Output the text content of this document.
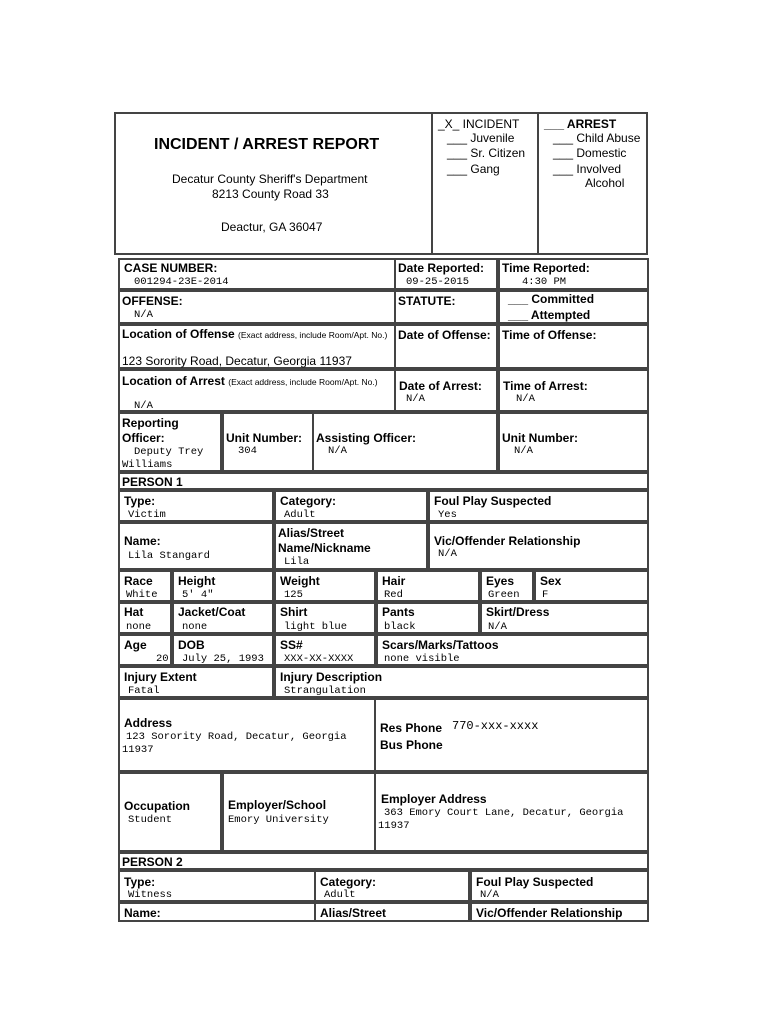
INCIDENT / ARREST REPORT
Decatur County Sheriff's Department
8213 County Road 33
Deactur, GA 36047
_X_ INCIDENT
___ Juvenile
___ Sr. Citizen
___ Gang
___ ARREST
___ Child Abuse
___ Domestic
___ Involved
Alcohol
CASE NUMBER:
001294-23E-2014
Date Reported:
09-25-2015
Time Reported:
4:30 PM
OFFENSE:
N/A
STATUTE:	___ Committed
___ Attempted
Location of Offense (Exact address, include Room/Apt. No.)
123 Sorority Road, Decatur, Georgia 11937
Date of Offense: Time of Offense:
Location of Arrest (Exact address, include Room/Apt. No.)
N/A
Date of Arrest:
N/A
Time of Arrest:
N/A
Reporting
Officer:
Deputy Trey
Williams
Unit Number:
304
Assisting Officer:
N/A
Unit Number:
N/A
PERSON 1
Type:
Victim
Category:
Adult
Foul Play Suspected
Yes
Name:
Lila Stangard
Alias/Street
Name/Nickname
Lila
Vic/Offender Relationship
N/A
Race
White
Height
5' 4"
Weight
125
Hair
Red
Eyes
Green
Sex
F
Hat
none
Jacket/Coat
none
Shirt
light blue
Pants
black
Skirt/Dress
N/A
Age
20
DOB
July 25, 1993
SS#
XXX-XX-XXXX
Scars/Marks/Tattoos
none visible
Injury Extent
Fatal
Injury Description
Strangulation
Address
123 Sorority Road, Decatur, Georgia
11937
Res Phone 770-xxx-xxxx
Bus Phone
Occupation
Student
Employer/School
Emory University
Employer Address
363 Emory Court Lane, Decatur, Georgia
11937
PERSON 2
Type:
Witness
Category:
Adult
Foul Play Suspected
N/A
Name:	Alias/Street	Vic/Offender Relationship
